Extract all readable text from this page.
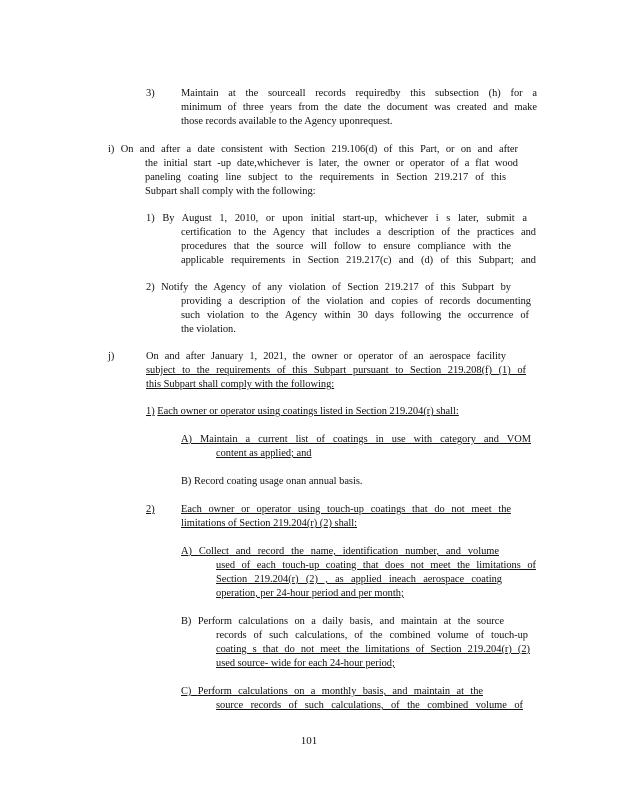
3)	Maintain at the sourceall records requiredby this subsection (h) for a
minimum of three years from the date the document was created and make
those records available to the Agency uponrequest.
i) On and after a date consistent with Section 219.106(d) of this Part, or on and after
the initial start -up date,whichever is later, the owner or operator of a flat wood
paneling coating line subject to the requirements in Section 219.217 of this
Subpart shall comply with the following:
1) By August 1, 2010, or upon initial start-up, whichever i s later, submit a
certification to the Agency that includes a description of the practices and
procedures that the source will follow to ensure compliance with the
applicable requirements in Section 219.217(c) and (d) of this Subpart; and
2) Notify the Agency of any violation of Section 219.217 of this Subpart by
providing a description of the violation and copies of records documenting
such violation to the Agency within 30 days following the occurrence of
the violation.
j)	On and after January 1, 2021, the owner or operator of an aerospace facility
subject to the requirements of this Subpart pursuant to Section 219.208(f) (1) of
this Subpart shall comply with the following:
1) Each owner or operator using coatings listed in Section 219.204(r) shall:
A) Maintain a current list of coatings in use with category and VOM
content as applied; and
B) Record coating usage onan annual basis.
2)	Each owner or operator using touch-up coatings that do not meet the
limitations of Section 219.204(r) (2) shall:
A) Collect and record the name, identification number, and volume
used of each touch-up coating that does not meet the limitations of
Section 219.204(r) (2) , as applied ineach aerospace coating
operation, per 24-hour period and per month;
B) Perform calculations on a daily basis, and maintain at the source
records of such calculations, of the combined volume of touch-up
coating s that do not meet the limitations of Section 219.204(r) (2)
used source- wide for each 24-hour period;
C) Perform calculations on a monthly basis, and maintain at the
source records of such calculations, of the combined volume of
101
